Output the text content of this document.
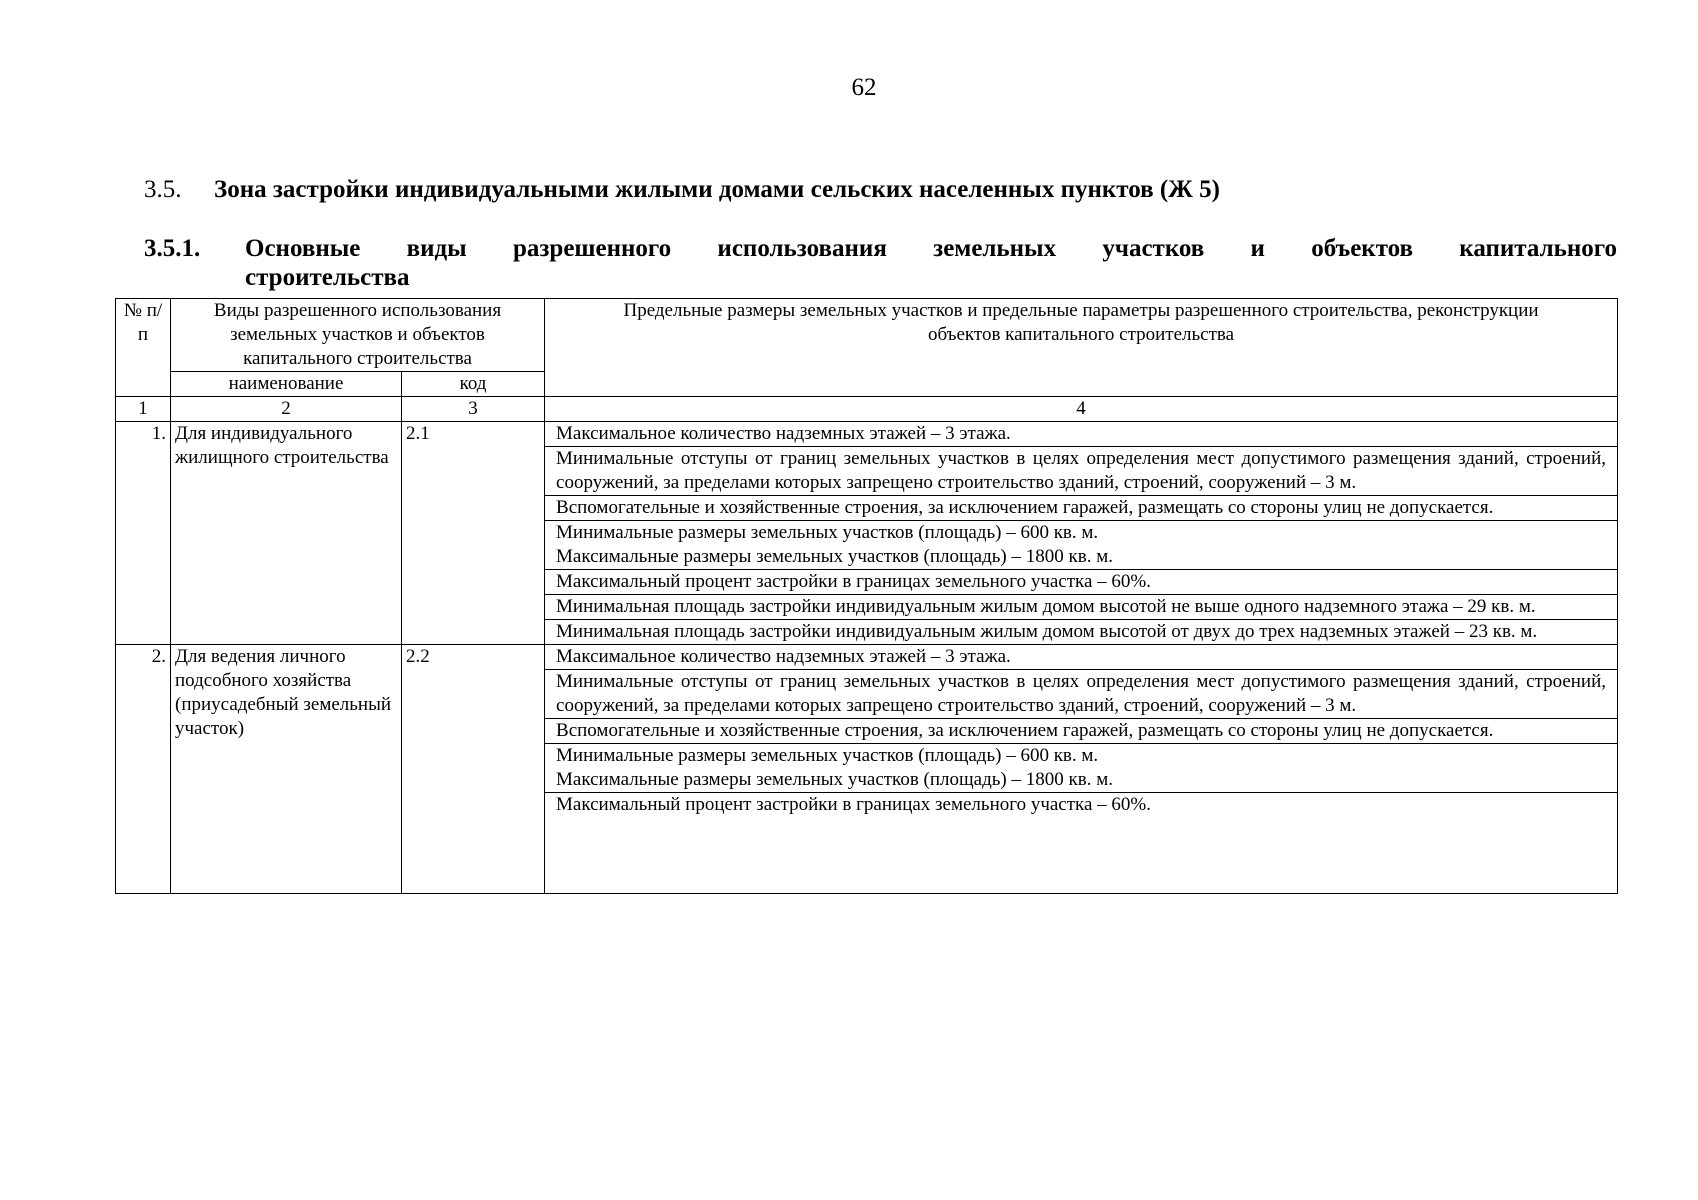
62
3.5. Зона застройки индивидуальными жилыми домами сельских населенных пунктов (Ж 5)
3.5.1. Основные виды разрешенного использования земельных участков и объектов капитального
строительства
№ п/п	Виды разрешенного использования земельных участков и объектов капитального строительства		Предельные размеры земельных участков и предельные параметры разрешенного строительства, реконструкции объектов капитального строительства
	наименование	код	
1	2	3	4
1.	Для индивидуального жилищного строительства	2.1	Максимальное количество надземных этажей – 3 этажа.
			Минимальные отступы от границ земельных участков в целях определения мест допустимого размещения зданий, строений, сооружений, за пределами которых запрещено строительство зданий, строений, сооружений – 3 м.
			Вспомогательные и хозяйственные строения, за исключением гаражей, размещать со стороны улиц не допускается.

			Минимальные размеры земельных участков (площадь) – 600 кв. м.
Максимальные размеры земельных участков (площадь) – 1800 кв. м.

			Максимальный процент застройки в границах земельного участка – 60%.
			Минимальная площадь застройки индивидуальным жилым домом высотой не выше одного надземного этажа – 29 кв. м.
			Минимальная площадь застройки индивидуальным жилым домом высотой от двух до трех надземных этажей – 23 кв. м.
2.	Для ведения личного подсобного хозяйства (приусадебный земельный участок)	2.2	Максимальное количество надземных этажей – 3 этажа.
			Минимальные отступы от границ земельных участков в целях определения мест допустимого размещения зданий, строений, сооружений, за пределами которых запрещено строительство зданий, строений, сооружений – 3 м.
			Вспомогательные и хозяйственные строения, за исключением гаражей, размещать со стороны улиц не допускается.

			Минимальные размеры земельных участков (площадь) – 600 кв. м.
Максимальные размеры земельных участков (площадь) – 1800 кв. м.

			Максимальный процент застройки в границах земельного участка – 60%.
